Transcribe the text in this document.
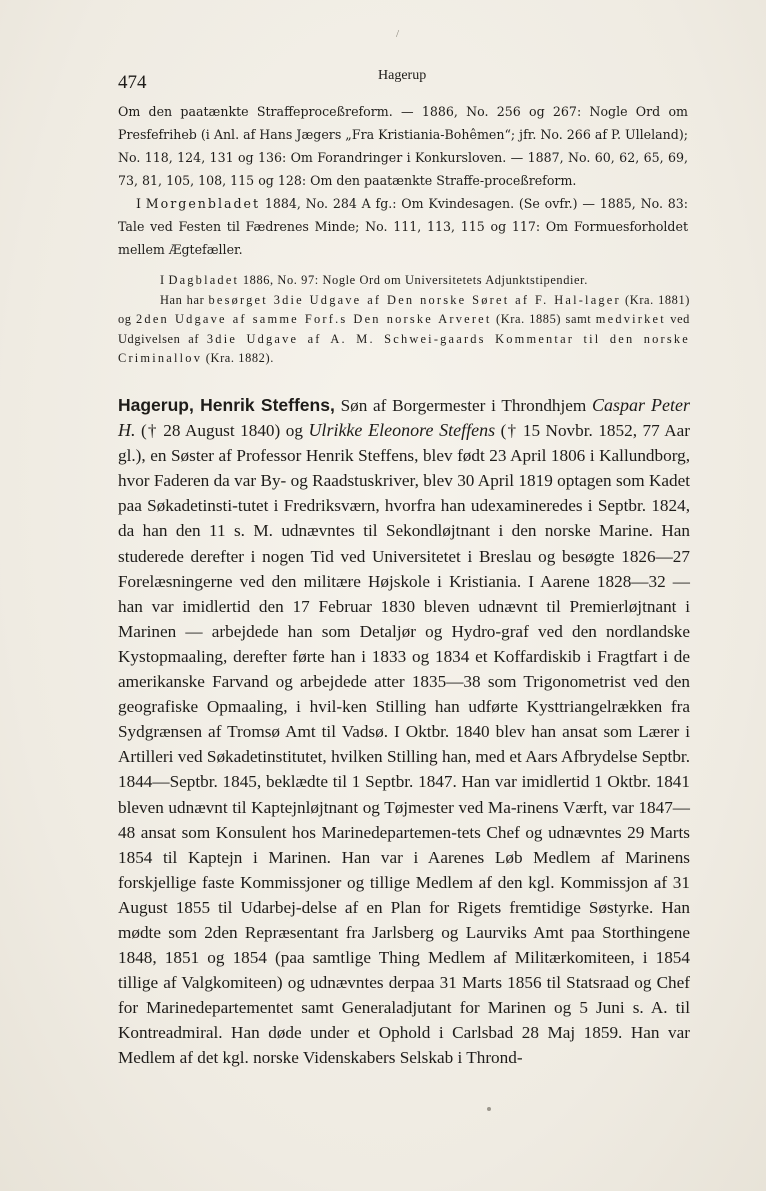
/
474	Hagerup

Om den paatænkte Straffeproceßreform. — 1886, No. 256 og 267: Nogle Ord om Presfefriheb (i Anl. af Hans Jægers „Fra Kristiania-Bohêmen“; jfr. No. 266 af P. Ulleland); No. 118, 124, 131 og 136: Om Forandringer i Konkursloven. — 1887, No. 60, 62, 65, 69, 73, 81, 105, 108, 115 og 128: Om den paatænkte Straffe-proceßreform.

I Morgenbladet 1884, No. 284 A fg.: Om Kvindesagen. (Se ovfr.) — 1885, No. 83: Tale ved Festen til Fædrenes Minde; No. 111, 113, 115 og 117: Om Formuesforholdet mellem Ægtefæller.

I Dagbladet 1886, No. 97: Nogle Ord om Universitetets Adjunktstipendier.

Han har besørget 3die Udgave af Den norske Søret af F. Hal-lager (Kra. 1881) og 2den Udgave af samme Forf.s Den norske Arveret (Kra. 1885) samt medvirket ved Udgivelsen af 3die Udgave af A. M. Schwei-gaards Kommentar til den norske Criminallov (Kra. 1882).

Hagerup, Henrik Steffens, Søn af Borgermester i Throndhjem Caspar Peter H. († 28 August 1840) og Ulrikke Eleonore Steffens († 15 Novbr. 1852, 77 Aar gl.), en Søster af Professor Henrik Steffens, blev født 23 April 1806 i Kallundborg, hvor Faderen da var By- og Raadstuskriver, blev 30 April 1819 optagen som Kadet paa Søkadetinsti-tutet i Fredriksværn, hvorfra han udexamineredes i Septbr. 1824, da han den 11 s. M. udnævntes til Sekondløjtnant i den norske Marine. Han studerede derefter i nogen Tid ved Universitetet i Breslau og besøgte 1826—27 Forelæsningerne ved den militære Højskole i Kristiania. I Aarene 1828—32 — han var imidlertid den 17 Februar 1830 bleven udnævnt til Premierløjtnant i Marinen — arbejdede han som Detaljør og Hydro-graf ved den nordlandske Kystopmaaling, derefter førte han i 1833 og 1834 et Koffardiskib i Fragtfart i de amerikanske Farvand og arbejdede atter 1835—38 som Trigonometrist ved den geografiske Opmaaling, i hvil-ken Stilling han udførte Kysttriangelrækken fra Sydgrænsen af Tromsø Amt til Vadsø. I Oktbr. 1840 blev han ansat som Lærer i Artilleri ved Søkadetinstitutet, hvilken Stilling han, med et Aars Afbrydelse Septbr. 1844—Septbr. 1845, beklædte til 1 Septbr. 1847. Han var imidlertid 1 Oktbr. 1841 bleven udnævnt til Kaptejnløjtnant og Tøjmester ved Ma-rinens Værft, var 1847—48 ansat som Konsulent hos Marinedepartemen-tets Chef og udnævntes 29 Marts 1854 til Kaptejn i Marinen. Han var i Aarenes Løb Medlem af Marinens forskjellige faste Kommissjoner og tillige Medlem af den kgl. Kommissjon af 31 August 1855 til Udarbej-delse af en Plan for Rigets fremtidige Søstyrke. Han mødte som 2den Repræsentant fra Jarlsberg og Laurviks Amt paa Storthingene 1848, 1851 og 1854 (paa samtlige Thing Medlem af Militærkomiteen, i 1854 tillige af Valgkomiteen) og udnævntes derpaa 31 Marts 1856 til Statsraad og Chef for Marinedepartementet samt Generaladjutant for Marinen og 5 Juni s. A. til Kontreadmiral. Han døde under et Ophold i Carlsbad 28 Maj 1859. Han var Medlem af det kgl. norske Videnskabers Selskab i Thrond-
